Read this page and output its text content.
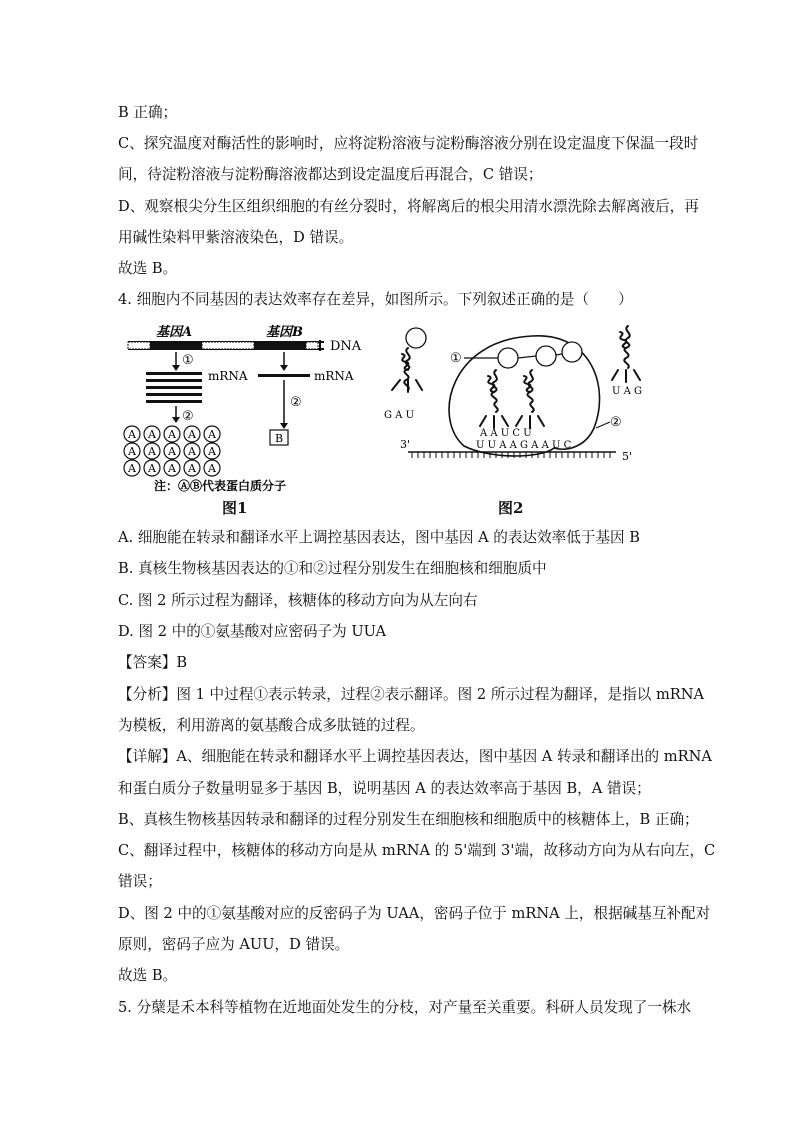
B 正确；
C、探究温度对酶活性的影响时，应将淀粉溶液与淀粉酶溶液分别在设定温度下保温一段时
间，待淀粉溶液与淀粉酶溶液都达到设定温度后再混合，C 错误；
D、观察根尖分生区组织细胞的有丝分裂时，将解离后的根尖用清水漂洗除去解离液后，再
用碱性染料甲紫溶液染色，D 错误。
故选 B。
4. 细胞内不同基因的表达效率存在差异，如图所示。下列叙述正确的是（　　）
基因A	基因B
DNA
①
mRNA	mRNA
②
②
A A A A A
A A A A A
A A A A A
B
注：ⒶⒷ代表蛋白质分子
图1
3'
5'
U U A A G A A U C
A A U C U
①
②
G A U
U A G
图2
A. 细胞能在转录和翻译水平上调控基因表达，图中基因 A 的表达效率低于基因 B
B. 真核生物核基因表达的①和②过程分别发生在细胞核和细胞质中
C. 图 2 所示过程为翻译，核糖体的移动方向为从左向右
D. 图 2 中的①氨基酸对应密码子为 UUA
【答案】B
【分析】图 1 中过程①表示转录，过程②表示翻译。图 2 所示过程为翻译，是指以 mRNA
为模板，利用游离的氨基酸合成多肽链的过程。
【详解】A、细胞能在转录和翻译水平上调控基因表达，图中基因 A 转录和翻译出的 mRNA
和蛋白质分子数量明显多于基因 B，说明基因 A 的表达效率高于基因 B，A 错误；
B、真核生物核基因转录和翻译的过程分别发生在细胞核和细胞质中的核糖体上，B 正确；
C、翻译过程中，核糖体的移动方向是从 mRNA 的 5'端到 3'端，故移动方向为从右向左，C
错误；
D、图 2 中的①氨基酸对应的反密码子为 UAA，密码子位于 mRNA 上，根据碱基互补配对
原则，密码子应为 AUU，D 错误。
故选 B。
5. 分蘖是禾本科等植物在近地面处发生的分枝，对产量至关重要。科研人员发现了一株水
